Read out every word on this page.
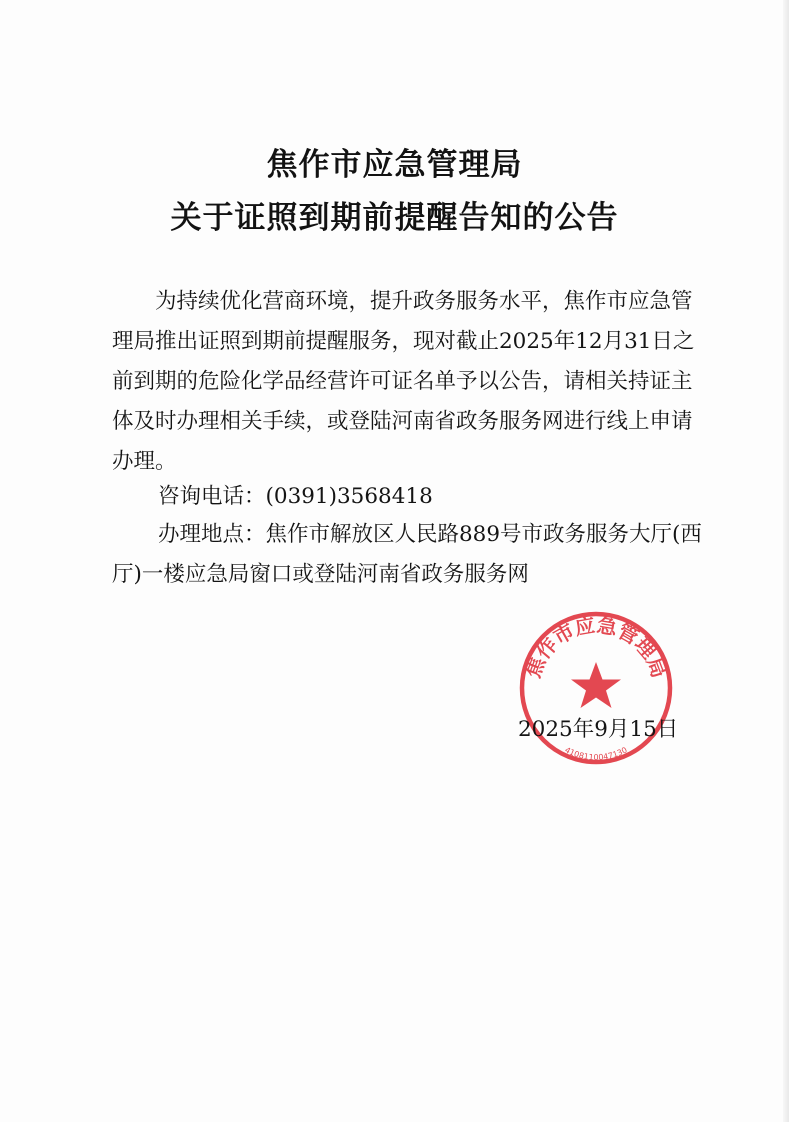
焦作市应急管理局
关于证照到期前提醒告知的公告
为持续优化营商环境，提升政务服务水平，焦作市应急管
理局推出证照到期前提醒服务，现对截止2025年12月31日之
前到期的危险化学品经营许可证名单予以公告，请相关持证主
体及时办理相关手续，或登陆河南省政务服务网进行线上申请
办理。
咨询电话：(0391)3568418
办理地点：焦作市解放区人民路889号市政务服务大厅(西
厅)一楼应急局窗口或登陆河南省政务服务网
焦作市应急管理局
4108110047130
2025年9月15日
